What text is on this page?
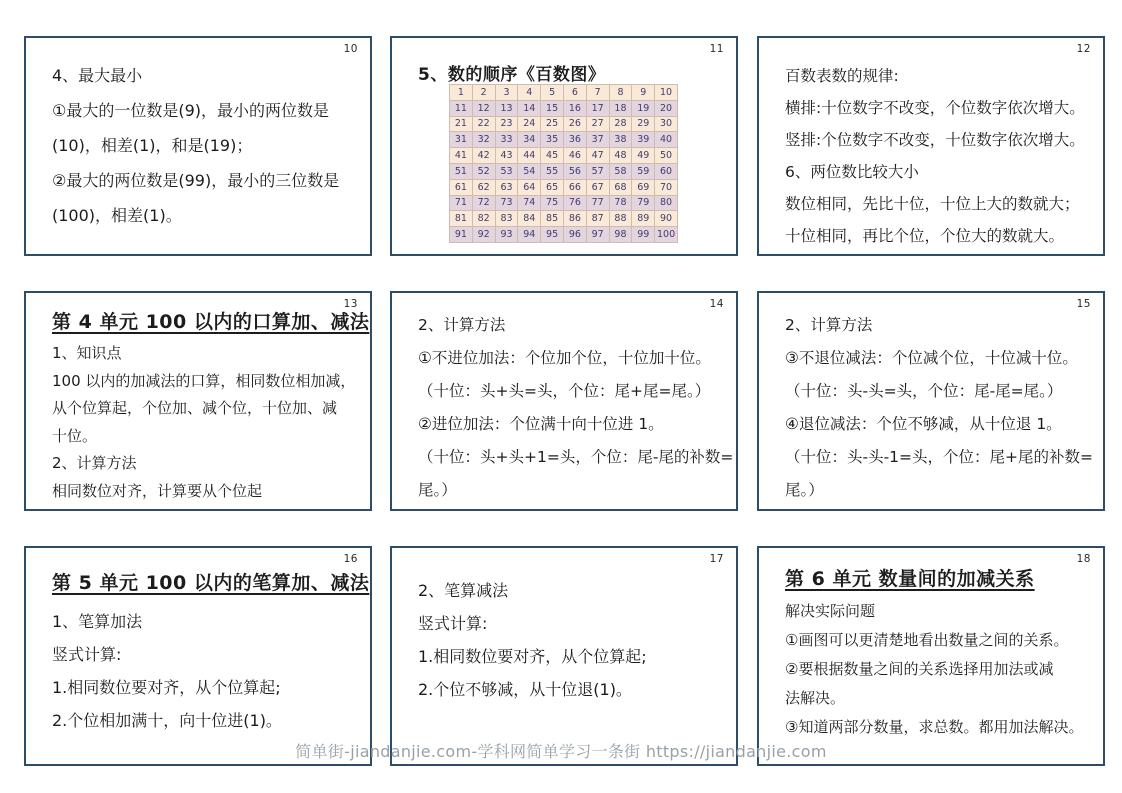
10
4、最大最小
①最大的一位数是(9)，最小的两位数是
(10)，相差(1)，和是(19)；
②最大的两位数是(99)，最小的三位数是
(100)，相差(1)。
11
5、数的顺序《百数图》
1	2	3	4	5	6	7	8	9	10
11	12	13	14	15	16	17	18	19	20
21	22	23	24	25	26	27	28	29	30
31	32	33	34	35	36	37	38	39	40
41	42	43	44	45	46	47	48	49	50
51	52	53	54	55	56	57	58	59	60
61	62	63	64	65	66	67	68	69	70
71	72	73	74	75	76	77	78	79	80
81	82	83	84	85	86	87	88	89	90
91	92	93	94	95	96	97	98	99	100
12
百数表数的规律:
横排:十位数字不改变，个位数字依次增大。
竖排:个位数字不改变，十位数字依次增大。
6、两位数比较大小
数位相同，先比十位，十位上大的数就大；
十位相同，再比个位，个位大的数就大。
13
第 4 单元 100 以内的口算加、减法
1、知识点
100 以内的加减法的口算，相同数位相加减，
从个位算起，个位加、减个位，十位加、减
十位。
2、计算方法
相同数位对齐，计算要从个位起
14
2、计算方法
①不进位加法：个位加个位，十位加十位。
（十位：头+头=头，个位：尾+尾=尾。）
②进位加法：个位满十向十位进 1。
（十位：头+头+1=头，个位：尾-尾的补数=
尾。）
15
2、计算方法
③不退位减法：个位减个位，十位减十位。
（十位：头-头=头，个位：尾-尾=尾。）
④退位减法：个位不够减，从十位退 1。
（十位：头-头-1=头，个位：尾+尾的补数=
尾。）
16
第 5 单元 100 以内的笔算加、减法
1、笔算加法
竖式计算:
1.相同数位要对齐，从个位算起;
2.个位相加满十，向十位进(1)。
17
2、笔算减法
竖式计算:
1.相同数位要对齐，从个位算起;
2.个位不够减，从十位退(1)。
18
第 6 单元 数量间的加减关系
解决实际问题
①画图可以更清楚地看出数量之间的关系。
②要根据数量之间的关系选择用加法或减
法解决。
③知道两部分数量，求总数。都用加法解决。
简单街-jiandanjie.com-学科网简单学习一条街 https://jiandanjie.com
